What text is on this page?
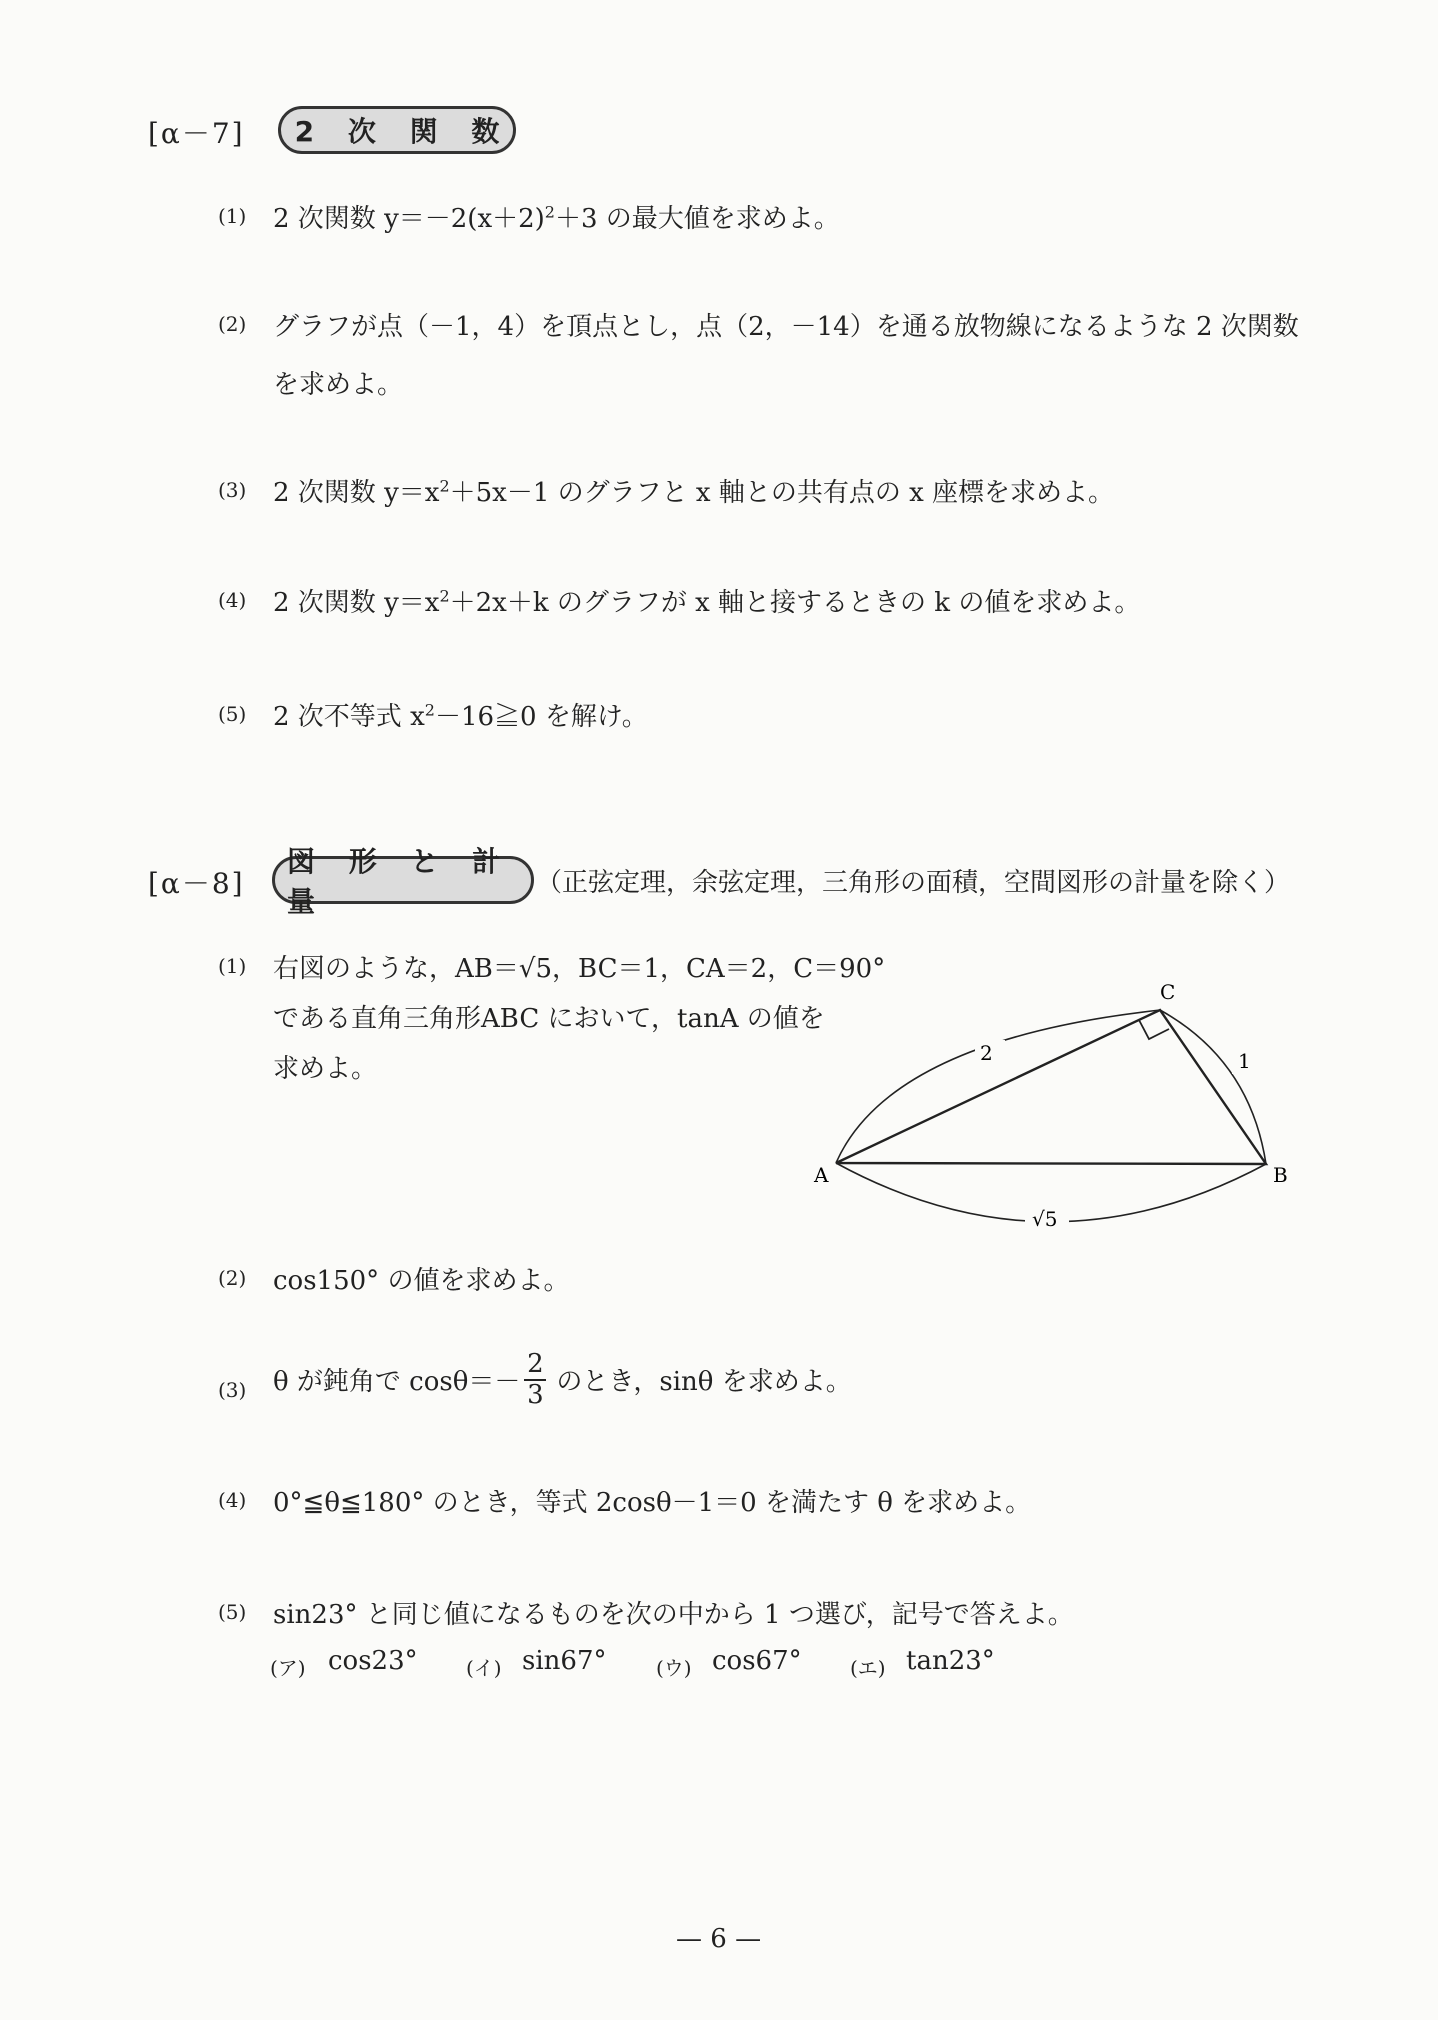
[α－7]	2 次 関 数
(1) 2 次関数 $y=-2(x+2)^2+3$ の最大値を求めよ。
(2) グラフが点（－1，4）を頂点とし，点（2，－14）を通る放物線になるような 2 次関数
を求めよ。
(3) 2 次関数 $y=x^2+5x-1$ のグラフと x 軸との共有点の x 座標を求めよ。
(4) 2 次関数 $y=x^2+2x+k$ のグラフが x 軸と接するときの k の値を求めよ。
(5) 2 次不等式 $x^2-16≧0$ を解け。
[α－8]
図 形 と 計 量
（正弦定理，余弦定理，三角形の面積，空間図形の計量を除く）
(1) 右図のような，AB＝√5，BC＝1，CA＝2，C＝90°
である直角三角形ABC において，tanA の値を
求めよ。
A	B
C
2	1
√5
(2) cos150° の値を求めよ。
(3) θ が鈍角で $\cos\theta=- \frac{2}{3}$ のとき，sinθ を求めよ。
(4) 0°≦θ≦180° のとき，等式 2cosθ－1＝0 を満たす θ を求めよ。
(5) sin23° と同じ値になるものを次の中から 1 つ選び，記号で答えよ。
(ア) cos23° (イ) sin67° (ウ) cos67° (エ) tan23°
— 6 —
